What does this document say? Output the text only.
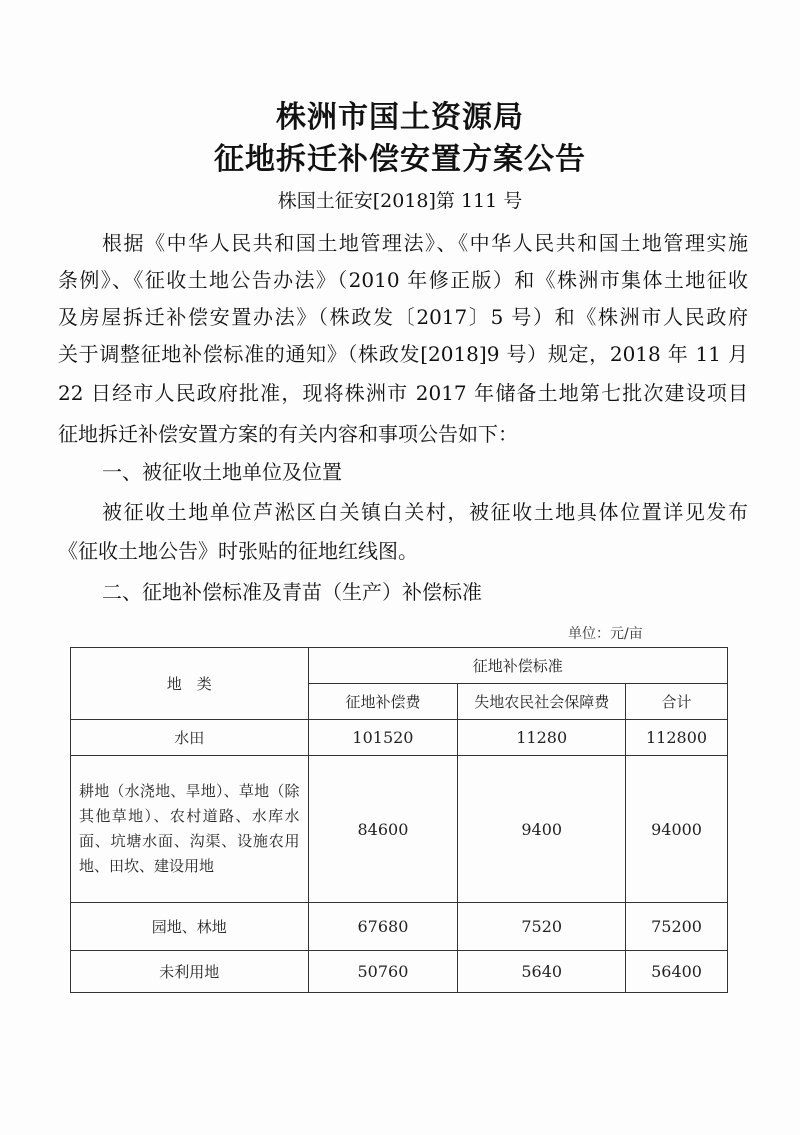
株洲市国土资源局
征地拆迁补偿安置方案公告
株国土征安[2018]第 111 号
根据《中华人民共和国土地管理法》、《中华人民共和国土地管理实施
条例》、《征收土地公告办法》（2010 年修正版）和《株洲市集体土地征收
及房屋拆迁补偿安置办法》（株政发〔2017〕5 号）和《株洲市人民政府
关于调整征地补偿标准的通知》（株政发[2018]9 号）规定，2018 年 11 月
22 日经市人民政府批准，现将株洲市 2017 年储备土地第七批次建设项目
征地拆迁补偿安置方案的有关内容和事项公告如下：
一、被征收土地单位及位置
被征收土地单位芦淞区白关镇白关村，被征收土地具体位置详见发布
《征收土地公告》时张贴的征地红线图。
二、征地补偿标准及青苗（生产）补偿标准
单位：元/亩
地　类	征地补偿标准		
	征地补偿费	失地农民社会保障费	合计
水田	101520	11280	112800
耕地（水浇地、旱地）、草地（除其他草地）、农村道路、水库水面、坑塘水面、沟渠、设施农用地、田坎、建设用地	84600	9400	94000
园地、林地	67680	7520	75200
未利用地	50760	5640	56400
